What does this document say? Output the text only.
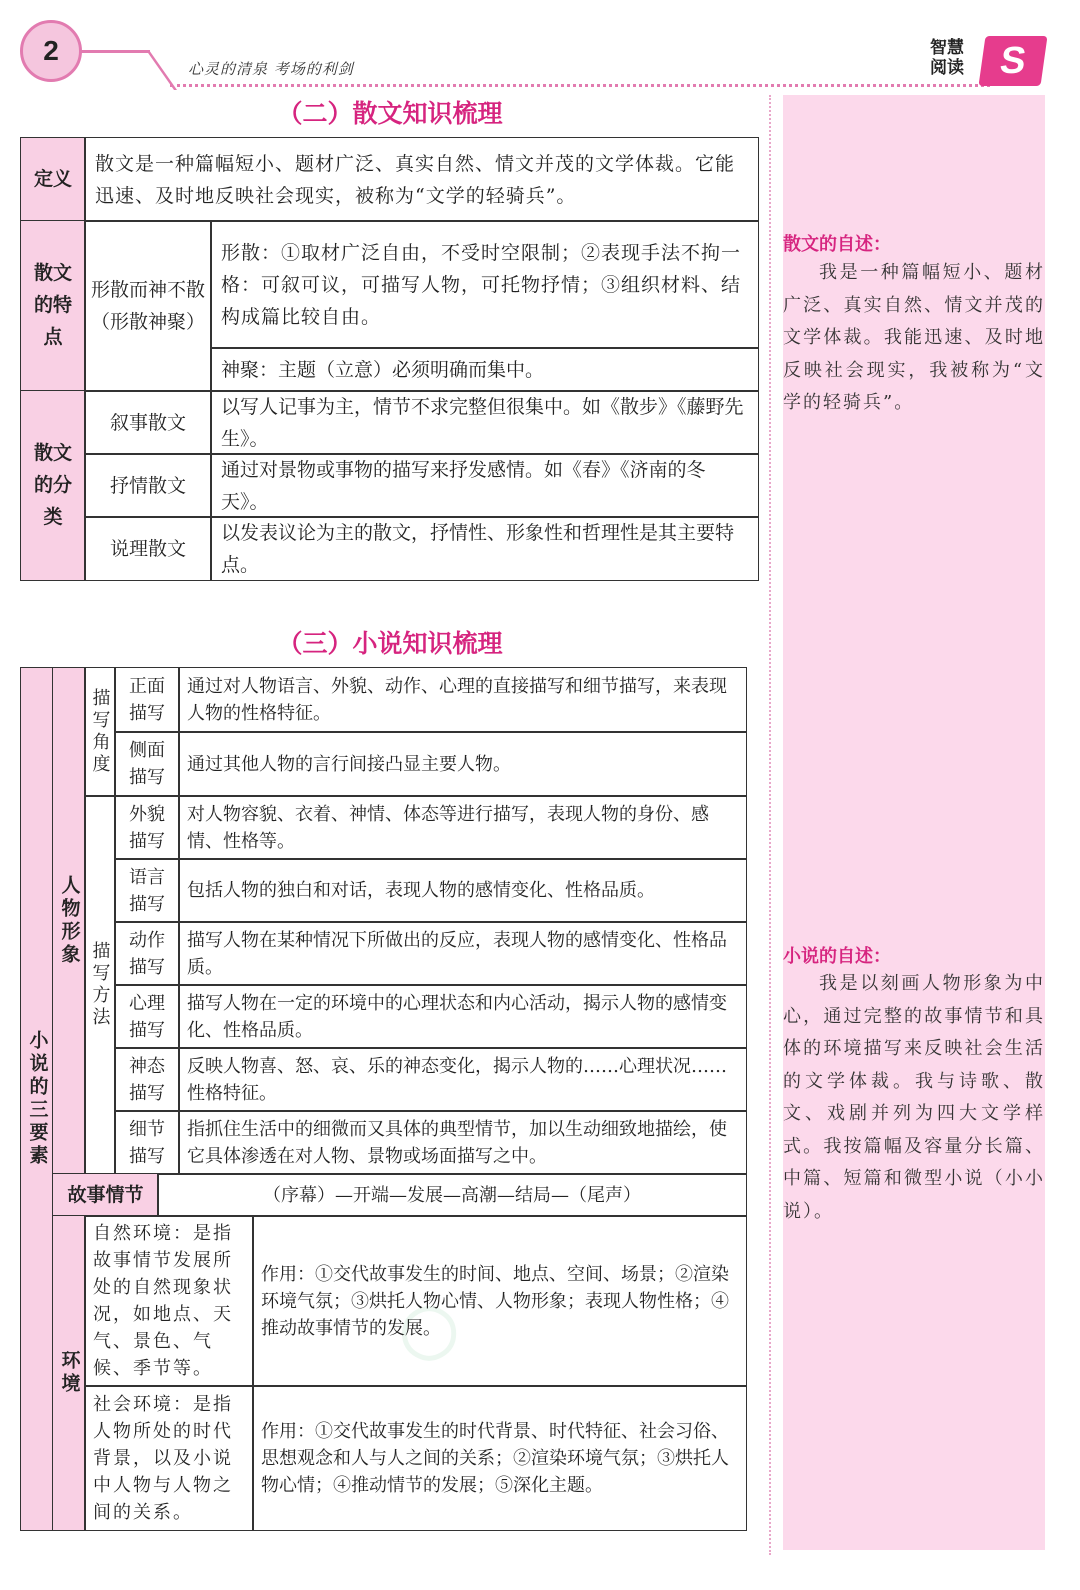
2
心灵的清泉 考场的利剑
智慧阅读 S
◯
（二）散文知识梳理
定义
散文是一种篇幅短小、题材广泛、真实自然、情文并茂的文学体裁。它能迅速、及时地反映社会现实，被称为“文学的轻骑兵”。
散文的特点
形散而神不散（形散神聚）
形散：①取材广泛自由，不受时空限制；②表现手法不拘一格：可叙可议，可描写人物，可托物抒情；③组织材料、结构成篇比较自由。
神聚：主题（立意）必须明确而集中。
散文的分类
叙事散文
以写人记事为主，情节不求完整但很集中。如《散步》《藤野先生》。
抒情散文
通过对景物或事物的描写来抒发感情。如《春》《济南的冬天》。
说理散文
以发表议论为主的散文，抒情性、形象性和哲理性是其主要特点。
（三）小说知识梳理
小说的三要素
人物形象
描写角度
描写方法
正面描写
通过对人物语言、外貌、动作、心理的直接描写和细节描写，来表现人物的性格特征。
侧面描写
通过其他人物的言行间接凸显主要人物。
外貌描写
对人物容貌、衣着、神情、体态等进行描写，表现人物的身份、感情、性格等。
语言描写
包括人物的独白和对话，表现人物的感情变化、性格品质。
动作描写
描写人物在某种情况下所做出的反应，表现人物的感情变化、性格品质。
心理描写
描写人物在一定的环境中的心理状态和内心活动，揭示人物的感情变化、性格品质。
神态描写
反映人物喜、怒、哀、乐的神态变化，揭示人物的……心理状况……性格特征。
细节描写
指抓住生活中的细微而又具体的典型情节，加以生动细致地描绘，使它具体渗透在对人物、景物或场面描写之中。
故事情节	（序幕）—开端—发展—高潮—结局—（尾声）
环境
自然环境：是指故事情节发展所处的自然现象状况，如地点、天气、景色、气候、季节等。
作用：①交代故事发生的时间、地点、空间、场景；②渲染环境气氛；③烘托人物心情、人物形象；表现人物性格；④推动故事情节的发展。
社会环境：是指人物所处的时代背景，以及小说中人物与人物之间的关系。
作用：①交代故事发生的时代背景、时代特征、社会习俗、思想观念和人与人之间的关系；②渲染环境气氛；③烘托人物心情；④推动情节的发展；⑤深化主题。
散文的自述：
我是一种篇幅短小、题材广泛、真实自然、情文并茂的文学体裁。我能迅速、及时地反映社会现实，我被称为“文学的轻骑兵”。
小说的自述：
我是以刻画人物形象为中心，通过完整的故事情节和具体的环境描写来反映社会生活的文学体裁。我与诗歌、散文、戏剧并列为四大文学样式。我按篇幅及容量分长篇、中篇、短篇和微型小说（小小说）。
